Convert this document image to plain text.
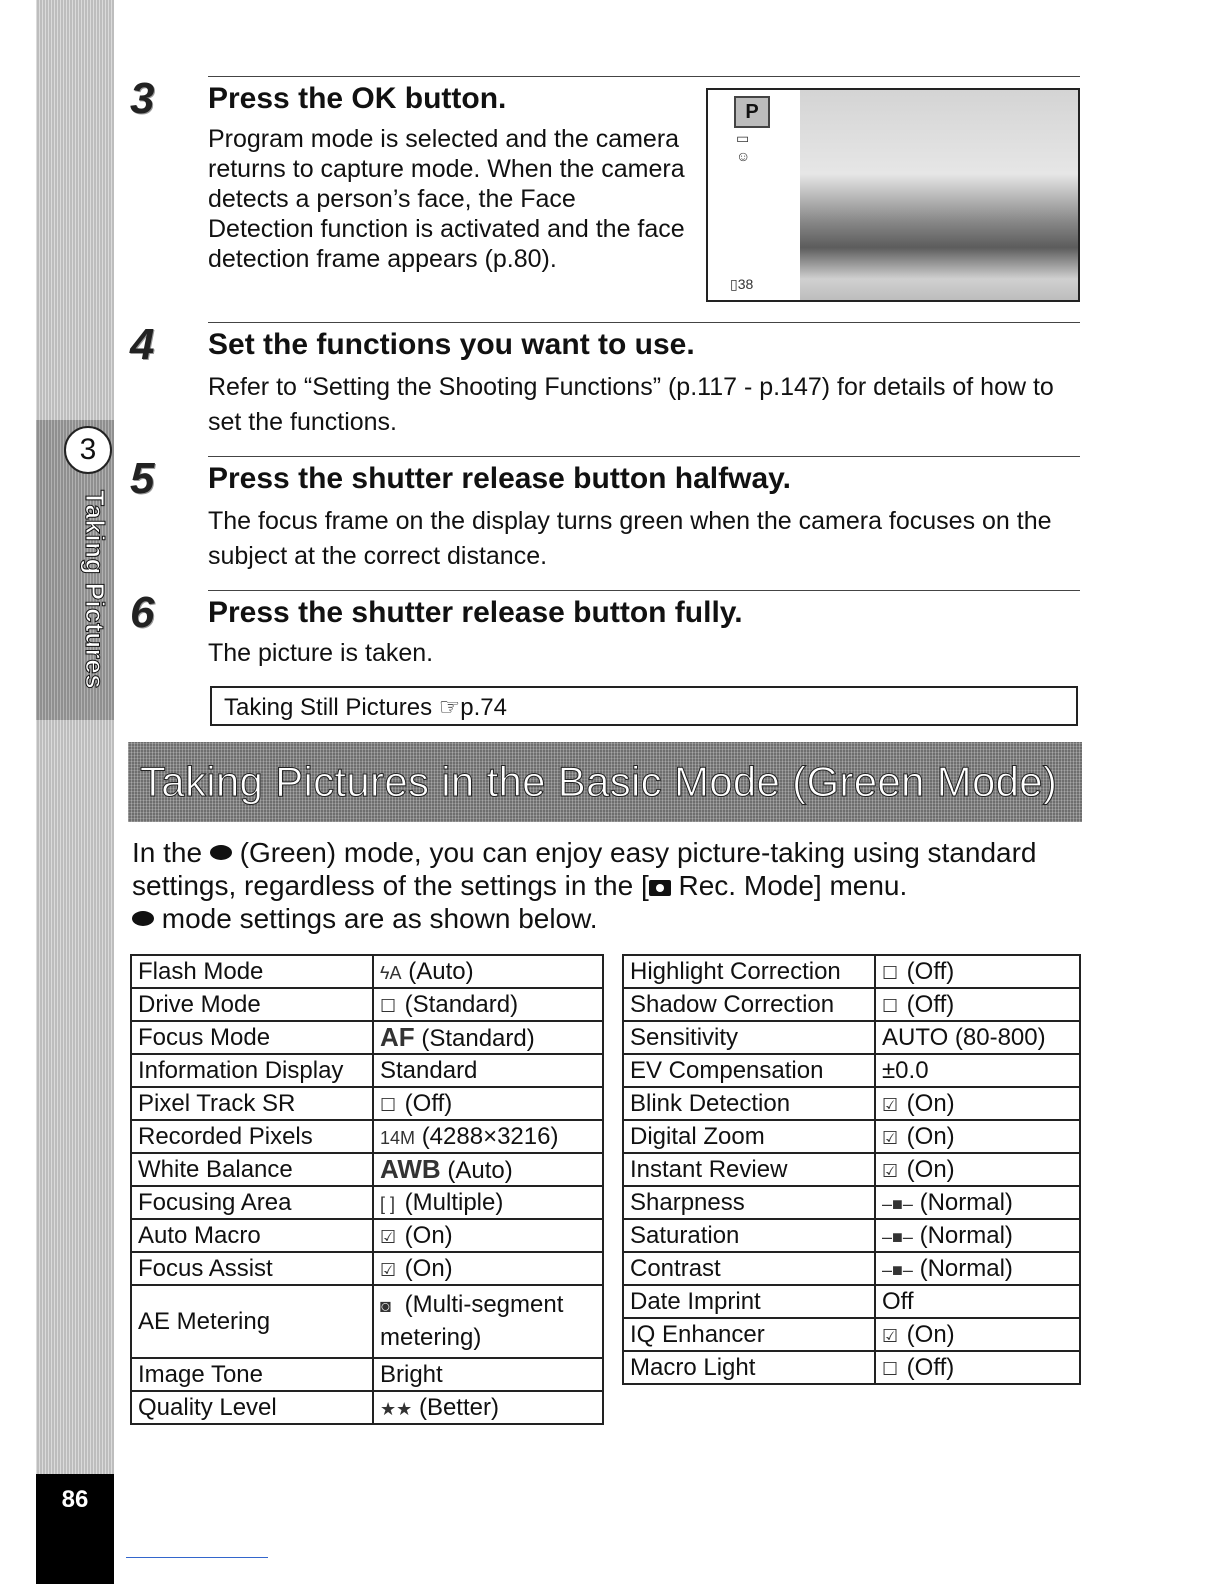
3
Taking Pictures
86
3 Press the OK button.
Program mode is selected and the camera returns to capture mode. When the camera detects a person’s face, the Face Detection function is activated and the face detection frame appears (p.80).
P
▭
☺
▯38
4 Set the functions you want to use.
Refer to “Setting the Shooting Functions” (p.117 - p.147) for details of how to set the functions.
5 Press the shutter release button halfway.
The focus frame on the display turns green when the camera focuses on the subject at the correct distance.
6 Press the shutter release button fully.
The picture is taken.
Taking Still Pictures ☞p.74
Taking Pictures in the Basic Mode (Green Mode)
In the (Green) mode, you can enjoy easy picture-taking using standard settings, regardless of the settings in the [ Rec. Mode] menu.
mode settings are as shown below.
Flash Mode	ϟA (Auto)
Drive Mode	☐ (Standard)
Focus Mode	AF (Standard)
Information Display	Standard
Pixel Track SR	☐ (Off)
Recorded Pixels	14M (4288×3216)
White Balance	AWB (Auto)
Focusing Area	[ ] (Multiple)
Auto Macro	☑ (On)
Focus Assist	☑ (On)
AE Metering	◙ (Multi-segment metering)
Image Tone	Bright
Quality Level	★★ (Better)
Highlight Correction	☐ (Off)
Shadow Correction	☐ (Off)
Sensitivity	AUTO (80-800)
EV Compensation	±0.0
Blink Detection	☑ (On)
Digital Zoom	☑ (On)
Instant Review	☑ (On)
Sharpness	–■– (Normal)
Saturation	–■– (Normal)
Contrast	–■– (Normal)
Date Imprint	Off
IQ Enhancer	☑ (On)
Macro Light	☐ (Off)
